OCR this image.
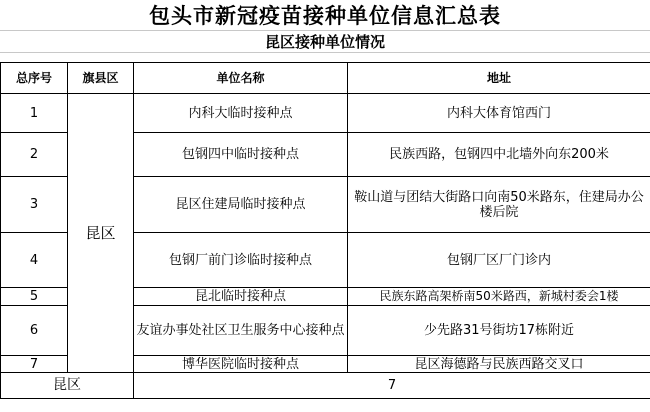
包头市新冠疫苗接种单位信息汇总表
昆区接种单位情况
总序号	旗县区	单位名称	地址
1	昆区	内科大临时接种点	内科大体育馆西门
2		包钢四中临时接种点	民族西路，包钢四中北墙外向东200米
3		昆区住建局临时接种点	鞍山道与团结大街路口向南50米路东，住建局办公楼后院
4		包钢厂前门诊临时接种点	包钢厂区厂门诊内
5		昆北临时接种点	民族东路高架桥南50米路西，新城村委会1楼
6		友谊办事处社区卫生服务中心接种点	少先路31号街坊17栋附近
7		博华医院临时接种点	昆区海德路与民族西路交叉口
昆区		7	
